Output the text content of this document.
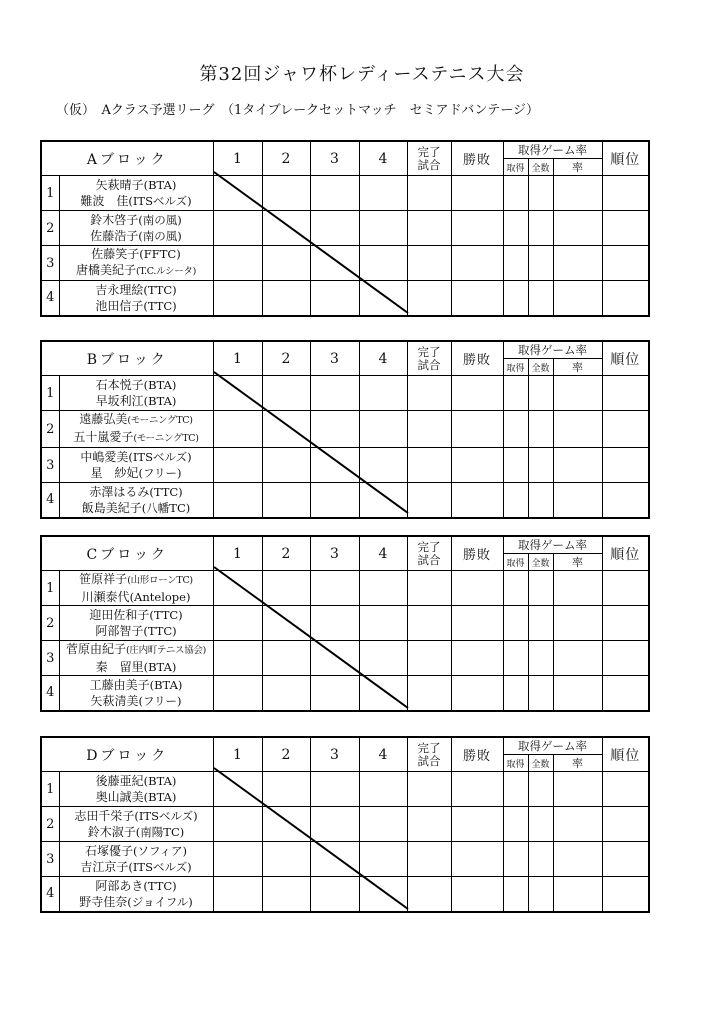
第32回ジャワ杯レディーステニス大会
（仮）　Aクラス予選リーグ　（1タイブレークセットマッチ　セミアドバンテージ）
Aブロック		1	2	3	4	完了
試合	勝敗	取得ゲーム率			順位
								取得	全数	率	
1	矢萩晴子(BTA)
難波　佳(ITSベルズ)										

2	鈴木啓子(南の風)
佐藤浩子(南の風)										

3	佐藤笑子(FFTC)
唐橋美紀子(T.C.ルシータ)										

4	吉永理絵(TTC)
池田信子(TTC)										

Bブロック		1	2	3	4	完了
試合	勝敗	取得ゲーム率			順位
								取得	全数	率	
1	石本悦子(BTA)
早坂利江(BTA)										

2	遠藤弘美(モーニングTC)
五十嵐愛子(モーニングTC)										

3	中嶋愛美(ITSベルズ)
星　紗妃(フリー)										

4	赤澤はるみ(TTC)
飯島美紀子(八幡TC)										

Cブロック		1	2	3	4	完了
試合	勝敗	取得ゲーム率			順位
								取得	全数	率	
1	笹原祥子(山形ローンTC)
川瀬泰代(Antelope)										

2	迎田佐和子(TTC)
阿部智子(TTC)										

3	菅原由紀子(庄内町テニス協会)
秦　留里(BTA)										

4	工藤由美子(BTA)
矢萩清美(フリー)										

Dブロック		1	2	3	4	完了
試合	勝敗	取得ゲーム率			順位
								取得	全数	率	
1	後藤亜紀(BTA)
奥山誠美(BTA)										

2	志田千栄子(ITSベルズ)
鈴木淑子(南陽TC)										

3	石塚優子(ソフィア)
吉江京子(ITSベルズ)										

4	阿部あき(TTC)
野寺佳奈(ジョイフル)										
